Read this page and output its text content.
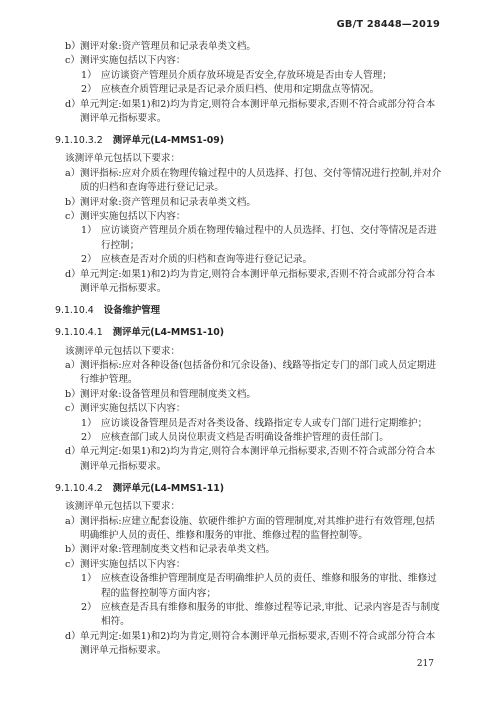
GB/T 28448—2019
b） 测评对象:资产管理员和记录表单类文档。
c） 测评实施包括以下内容：
1） 应访谈资产管理员介质存放环境是否安全,存放环境是否由专人管理；
2） 应核查介质管理记录是否记录介质归档、使用和定期盘点等情况。
d） 单元判定:如果1)和2)均为肯定,则符合本测评单元指标要求,否则不符合或部分符合本测评单元指标要求。
9.1.10.3.2 测评单元(L4-MMS1-09)
该测评单元包括以下要求：
a） 测评指标:应对介质在物理传输过程中的人员选择、打包、交付等情况进行控制,并对介质的归档和查询等进行登记记录。
b） 测评对象:资产管理员和记录表单类文档。
c） 测评实施包括以下内容：
1） 应访谈资产管理员介质在物理传输过程中的人员选择、打包、交付等情况是否进行控制；
2） 应核查是否对介质的归档和查询等进行登记记录。
d） 单元判定:如果1)和2)均为肯定,则符合本测评单元指标要求,否则不符合或部分符合本测评单元指标要求。
9.1.10.4 设备维护管理
9.1.10.4.1 测评单元(L4-MMS1-10)
该测评单元包括以下要求：
a） 测评指标:应对各种设备(包括备份和冗余设备)、线路等指定专门的部门或人员定期进行维护管理。
b） 测评对象:设备管理员和管理制度类文档。
c） 测评实施包括以下内容：
1） 应访谈设备管理员是否对各类设备、线路指定专人或专门部门进行定期维护；
2） 应核查部门或人员岗位职责文档是否明确设备维护管理的责任部门。
d） 单元判定:如果1)和2)均为肯定,则符合本测评单元指标要求,否则不符合或部分符合本测评单元指标要求。
9.1.10.4.2 测评单元(L4-MMS1-11)
该测评单元包括以下要求：
a） 测评指标:应建立配套设施、软硬件维护方面的管理制度,对其维护进行有效管理,包括明确维护人员的责任、维修和服务的审批、维修过程的监督控制等。
b） 测评对象:管理制度类文档和记录表单类文档。
c） 测评实施包括以下内容：
1） 应核查设备维护管理制度是否明确维护人员的责任、维修和服务的审批、维修过程的监督控制等方面内容；
2） 应核查是否具有维修和服务的审批、维修过程等记录,审批、记录内容是否与制度相符。
d） 单元判定:如果1)和2)均为肯定,则符合本测评单元指标要求,否则不符合或部分符合本测评单元指标要求。
217
